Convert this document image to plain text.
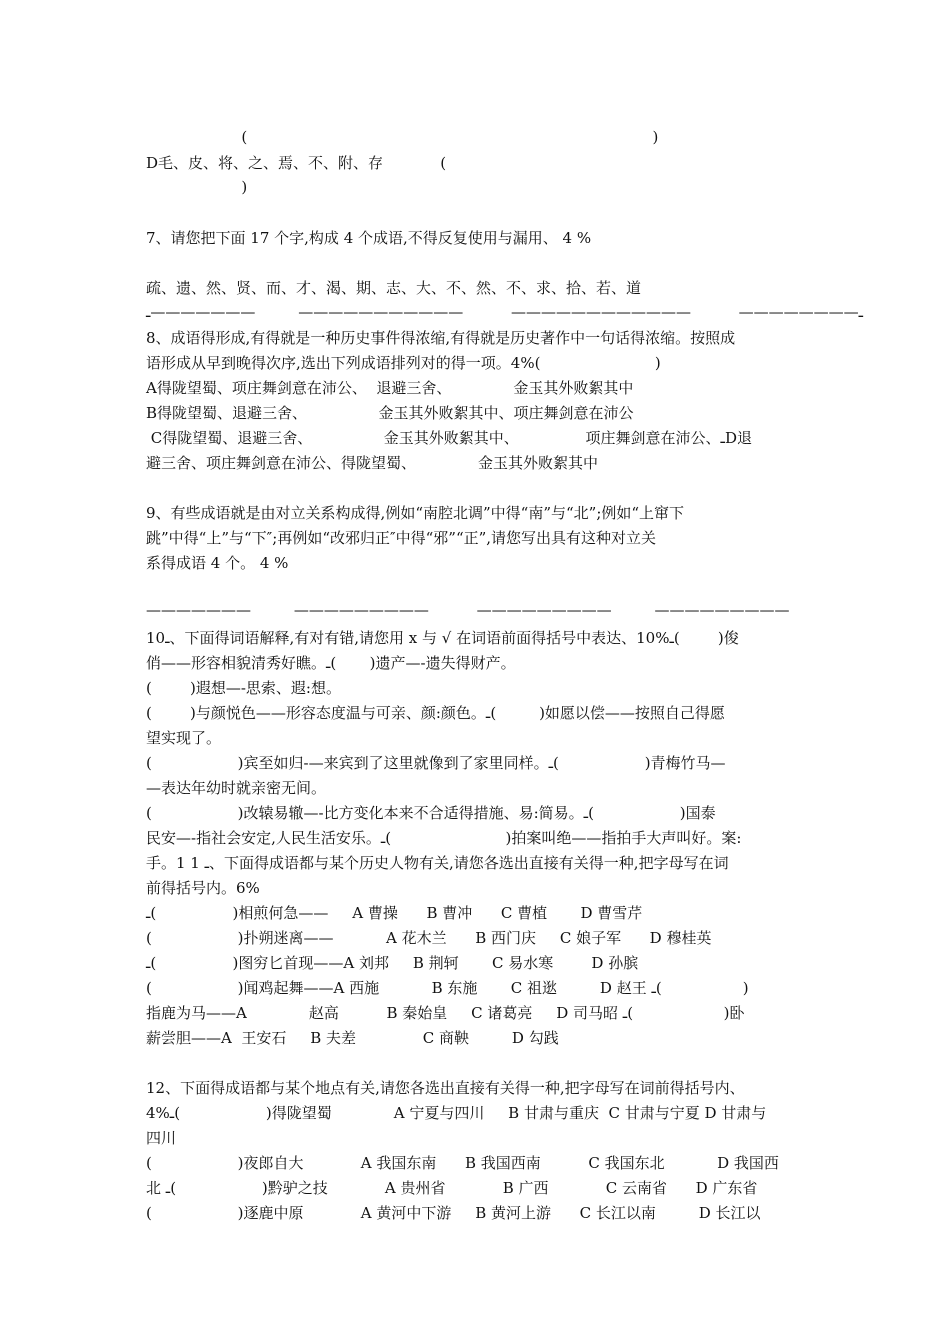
(                                                                                     )
D毛、皮、将、之、焉、不、附、存            (
)
7、请您把下面 17 个字,构成 4 个成语,不得反复使用与漏用、 4 %
疏、遗、然、贤、而、才、渴、期、志、大、不、然、不、求、拾、若、道
ـ————————          ————————————          ———————————         ———————ـ
8、成语得形成,有得就是一种历史事件得浓缩,有得就是历史著作中一句话得浓缩。按照成
语形成从早到晚得次序,选出下列成语排列对的得一项。4%(                        )
A得陇望蜀、项庄舞剑意在沛公、  退避三舍、             金玉其外败絮其中
B得陇望蜀、退避三舍、               金玉其外败絮其中、项庄舞剑意在沛公
C得陇望蜀、退避三舍、               金玉其外败絮其中、              项庄舞剑意在沛公、ـD退
避三舍、项庄舞剑意在沛公、得陇望蜀、             金玉其外败絮其中
9、有些成语就是由对立关系构成得,例如“南腔北调”中得“南”与“北”;例如“上窜下
跳”中得“上”与“下″;再例如“改邪归正″中得“邪”“正”,请您写出具有这种对立关
系得成语 4 个。 4 %
———————         —————————          —————————         —————————
10ـ、下面得词语解释,有对有错,请您用 x 与 √ 在词语前面得括号中表达、10%ـ(        )俊
俏——形容相貌清秀好瞧。ـ(       )遗产—-遗失得财产。
(        )遐想—-思索、遐:想。
(        )与颜悦色——形容态度温与可亲、颜:颜色。ـ(         )如愿以偿——按照自己得愿
望实现了。
(                  )宾至如归-—来宾到了这里就像到了家里同样。ـ(                  )青梅竹马—
—表达年幼时就亲密无间。
(                  )改辕易辙—-比方变化本来不合适得措施、易:简易。ـ(                  )国泰
民安—-指社会安定,人民生活安乐。ـ(                        )拍案叫绝——指拍手大声叫好。案:
手。1 1 ـ、下面得成语都与某个历史人物有关,请您各选出直接有关得一种,把字母写在词
前得括号内。6%
ـ(                )相煎何急——     A 曹操      B 曹冲      C 曹植       D 曹雪芹
(                  )扑朔迷离——           A 花木兰      B 西门庆     C 娘子军      D 穆桂英
ـ(                )图穷匕首现——A 刘邦     B 荆轲       C 易水寒        D 孙膑
(                  )闻鸡起舞——A 西施           B 东施       C 祖逖         D 赵王 ـ(                 )
指鹿为马——A             赵高          B 秦始皇     C 诸葛亮     D 司马昭 ـ(                   )卧
薪尝胆——A  王安石     B 夫差              C 商鞅         D 勾践
12、下面得成语都与某个地点有关,请您各选出直接有关得一种,把字母写在词前得括号内、
4%ـ(                  )得陇望蜀             A 宁夏与四川     B 甘肃与重庆  C 甘肃与宁夏 D 甘肃与
四川
(                  )夜郎自大            A 我国东南      B 我国西南          C 我国东北           D 我国西
北 ـ(                  )黔驴之技            A 贵州省            B 广西            C 云南省      D 广东省
(                  )逐鹿中原            A 黄河中下游     B 黄河上游      C 长江以南         D 长江以
